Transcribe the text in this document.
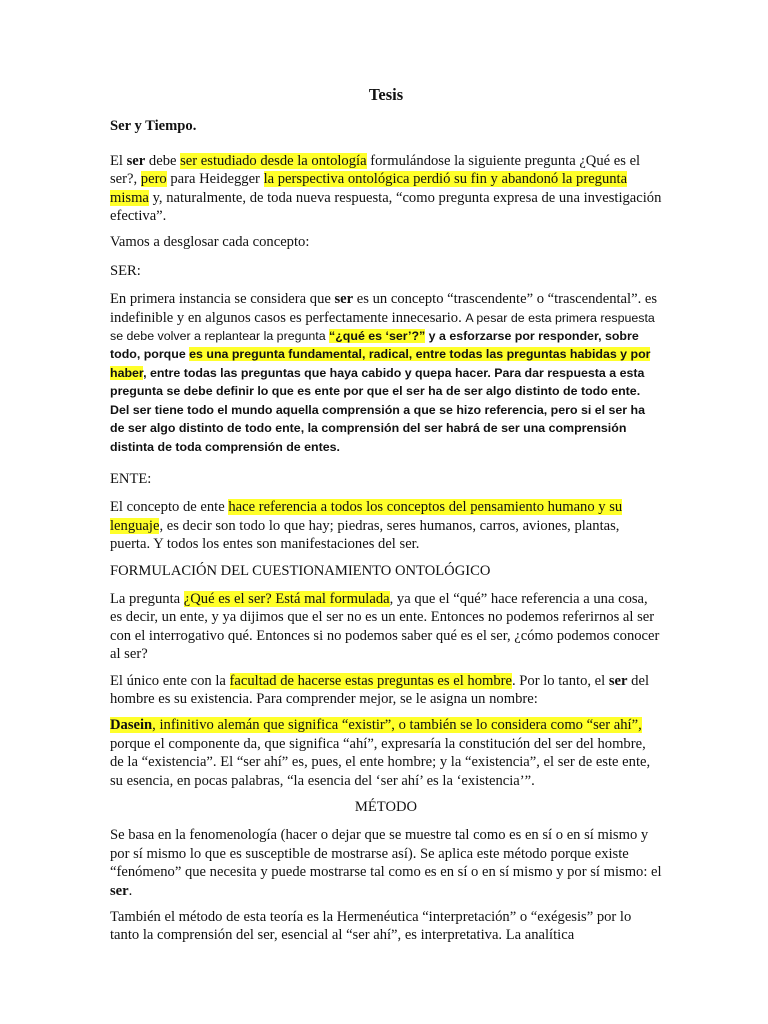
Tesis

Ser y Tiempo.

El ser debe ser estudiado desde la ontología formulándose la siguiente pregunta ¿Qué es el ser?, pero para Heidegger la perspectiva ontológica perdió su fin y abandonó la pregunta misma y, naturalmente, de toda nueva respuesta, “como pregunta expresa de una investigación efectiva”.

Vamos a desglosar cada concepto:

SER:

En primera instancia se considera que ser es un concepto “trascendente” o “trascendental”. es indefinible y en algunos casos es perfectamente innecesario. A pesar de esta primera respuesta se debe volver a replantear la pregunta “¿qué es ‘ser’?” y a esforzarse por responder, sobre todo, porque es una pregunta fundamental, radical, entre todas las preguntas habidas y por haber, entre todas las preguntas que haya cabido y quepa hacer. Para dar respuesta a esta pregunta se debe definir lo que es ente por que el ser ha de ser algo distinto de todo ente. Del ser tiene todo el mundo aquella comprensión a que se hizo referencia, pero si el ser ha de ser algo distinto de todo ente, la comprensión del ser habrá de ser una comprensión distinta de toda comprensión de entes.

ENTE:

El concepto de ente hace referencia a todos los conceptos del pensamiento humano y su lenguaje, es decir son todo lo que hay; piedras, seres humanos, carros, aviones, plantas, puerta. Y todos los entes son manifestaciones del ser.

FORMULACIÓN DEL CUESTIONAMIENTO ONTOLÓGICO

La pregunta ¿Qué es el ser? Está mal formulada, ya que el “qué” hace referencia a una cosa, es decir, un ente, y ya dijimos que el ser no es un ente. Entonces no podemos referirnos al ser con el interrogativo qué. Entonces si no podemos saber qué es el ser, ¿cómo podemos conocer al ser?

El único ente con la facultad de hacerse estas preguntas es el hombre. Por lo tanto, el ser del hombre es su existencia. Para comprender mejor, se le asigna un nombre:

Dasein, infinitivo alemán que significa “existir”, o también se lo considera como “ser ahí”, porque el componente da, que significa “ahí”, expresaría la constitución del ser del hombre, de la “existencia”. El “ser ahí” es, pues, el ente hombre; y la “existencia”, el ser de este ente, su esencia, en pocas palabras, “la esencia del ‘ser ahí’ es la ‘existencia’”.

MÉTODO

Se basa en la fenomenología (hacer o dejar que se muestre tal como es en sí o en sí mismo y por sí mismo lo que es susceptible de mostrarse así). Se aplica este método porque existe “fenómeno” que necesita y puede mostrarse tal como es en sí o en sí mismo y por sí mismo: el ser.

También el método de esta teoría es la Hermenéutica “interpretación” o “exégesis” por lo tanto la comprensión del ser, esencial al “ser ahí”, es interpretativa. La analítica
